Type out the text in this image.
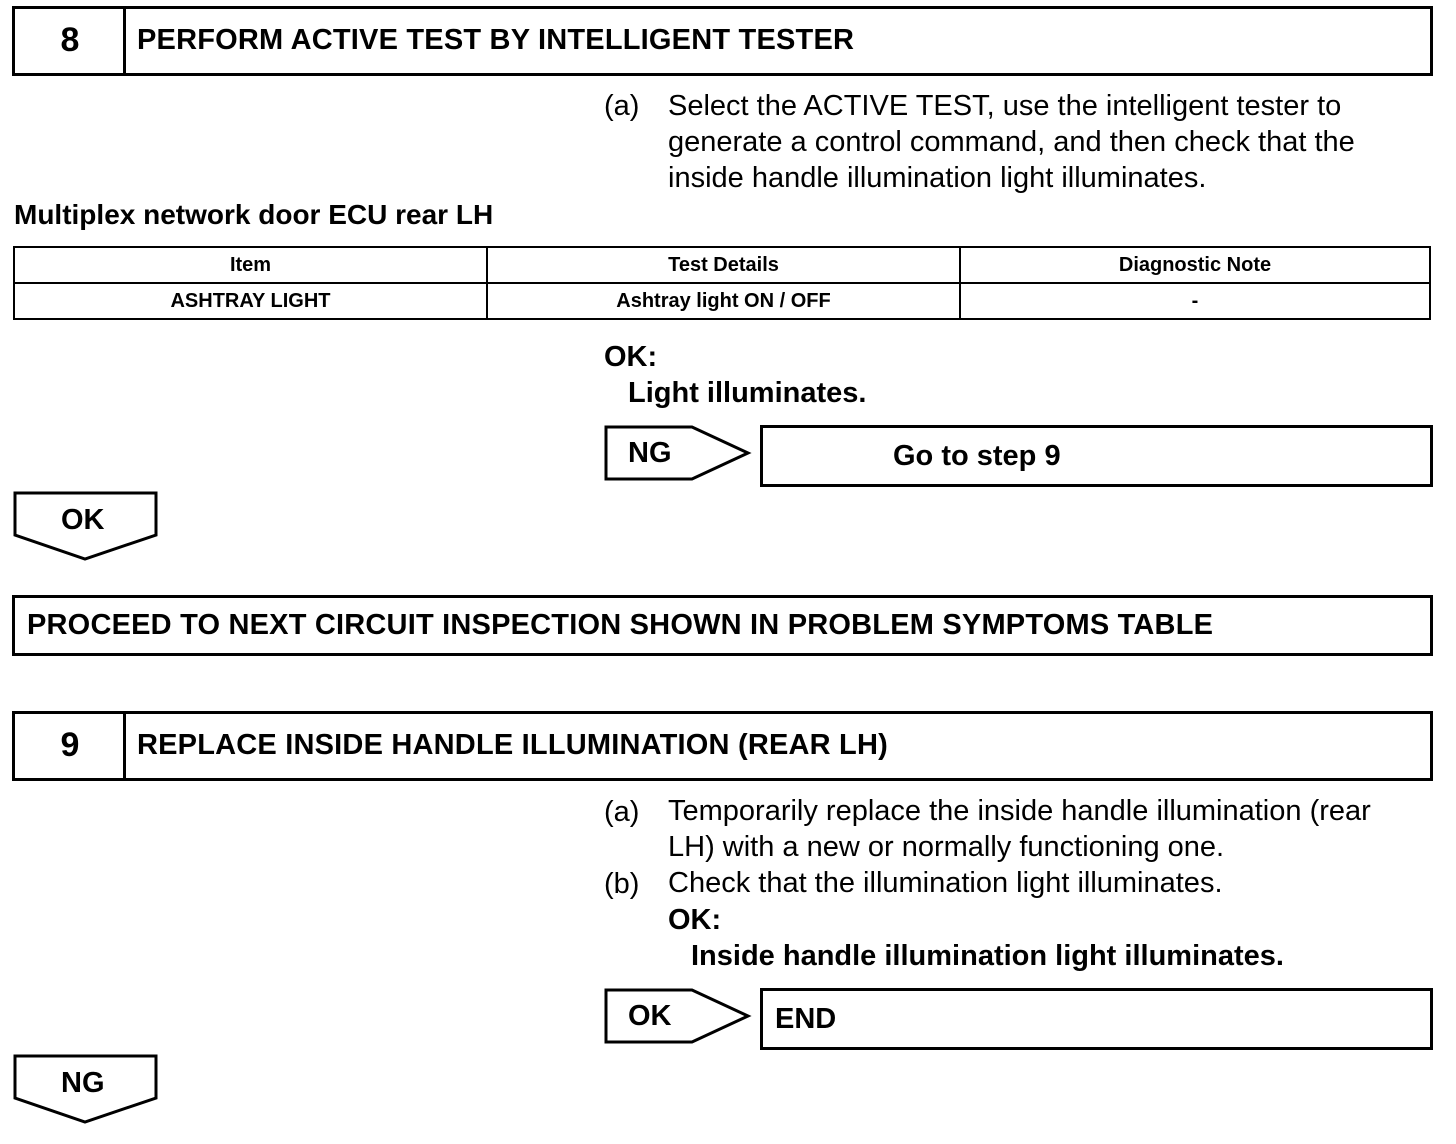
8	PERFORM ACTIVE TEST BY INTELLIGENT TESTER
(a) Select the ACTIVE TEST, use the intelligent tester to
generate a control command, and then check that the
inside handle illumination light illuminates.
Multiplex network door ECU rear LH
Item	Test Details	Diagnostic Note
ASHTRAY LIGHT	Ashtray light ON / OFF	-
OK:
Light illuminates.
NG	Go to step 9
OK
PROCEED TO NEXT CIRCUIT INSPECTION SHOWN IN PROBLEM SYMPTOMS TABLE
9	REPLACE INSIDE HANDLE ILLUMINATION (REAR LH)
(a) Temporarily replace the inside handle illumination (rear
LH) with a new or normally functioning one.
(b) Check that the illumination light illuminates.
OK:
Inside handle illumination light illuminates.
OK	END
NG
